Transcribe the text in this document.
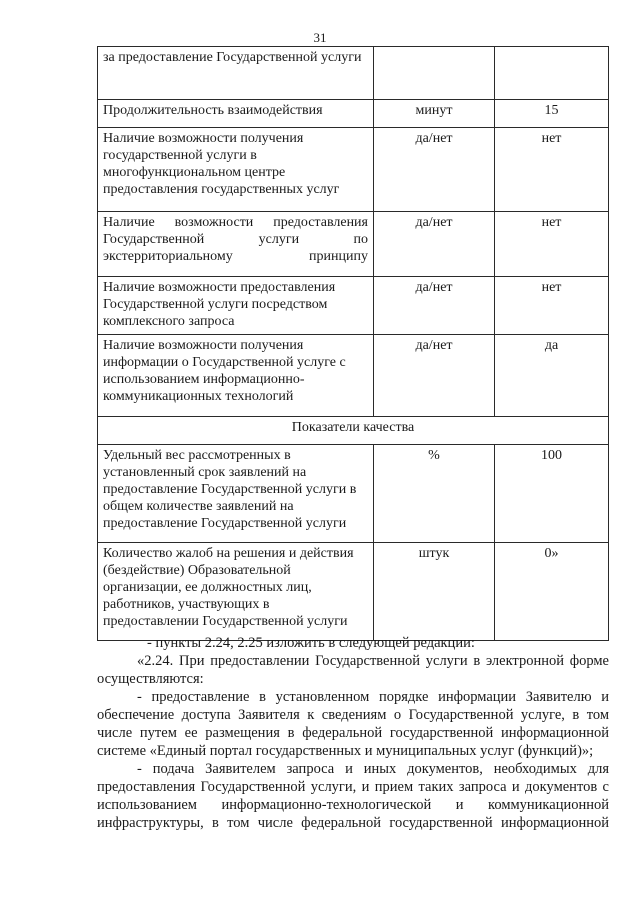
31
за предоставление Государственной услуги		
Продолжительность взаимодействия	минут	15
Наличие возможности получения государственной услуги в многофункциональном центре предоставления государственных услуг	да/нет	нет
Наличие возможности предоставления Государственной услуги по экстерриториальному принципу	да/нет	нет
Наличие возможности предоставления Государственной услуги посредством комплексного запроса	да/нет	нет
Наличие возможности получения информации о Государственной услуге с использованием информационно-коммуникационных технологий	да/нет	да
Показатели качества		
Удельный вес рассмотренных в установленный срок заявлений на предоставление Государственной услуги в общем количестве заявлений на предоставление Государственной услуги	%	100
Количество жалоб на решения и действия (бездействие) Образовательной организации, ее должностных лиц, работников, участвующих в предоставлении Государственной услуги	штук	0»

- пункты 2.24, 2.25 изложить в следующей редакции:

«2.24. При предоставлении Государственной услуги в электронной форме осуществляются:

- предоставление в установленном порядке информации Заявителю и обеспечение доступа Заявителя к сведениям о Государственной услуге, в том числе путем ее размещения в федеральной государственной информационной системе «Единый портал государственных и муниципальных услуг (функций)»;

- подача Заявителем запроса и иных документов, необходимых для предоставления Государственной услуги, и прием таких запроса и документов с использованием информационно-технологической и коммуникационной инфраструктуры, в том числе федеральной государственной информационной
